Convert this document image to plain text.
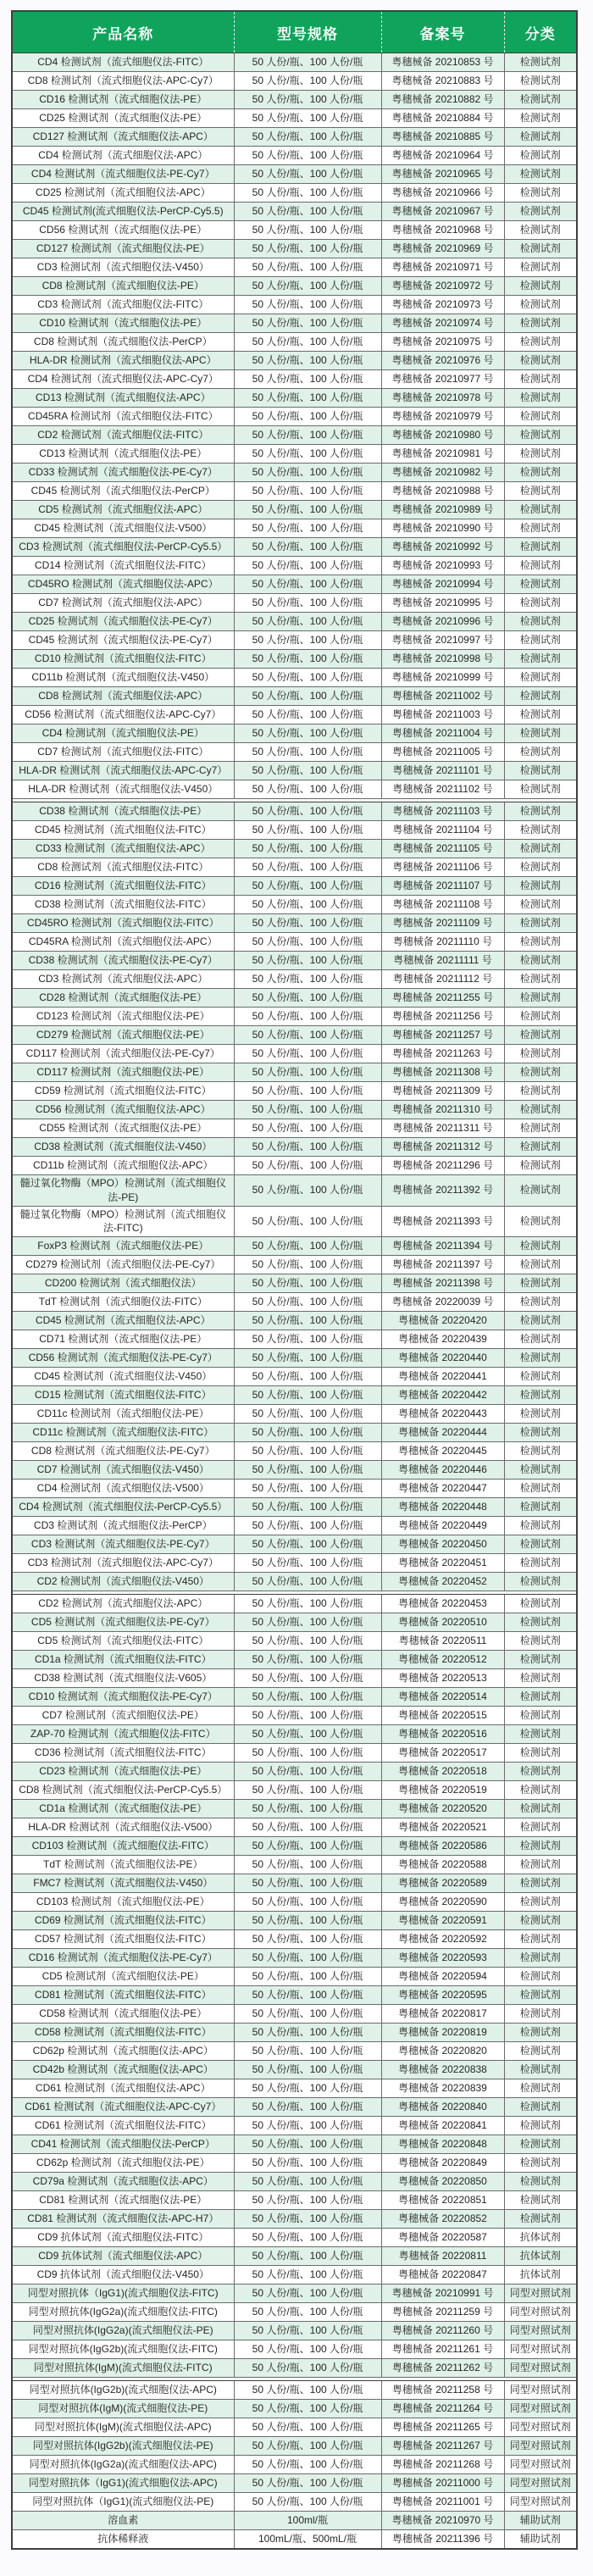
产品名称	型号规格	备案号	分类
CD4 检测试剂（流式细胞仪法-FITC）	50 人份/瓶、100 人份/瓶	粤穗械备 20210853 号	检测试剂
CD8 检测试剂（流式细胞仪法-APC-Cy7）	50 人份/瓶、100 人份/瓶	粤穗械备 20210883 号	检测试剂
CD16 检测试剂（流式细胞仪法-PE）	50 人份/瓶、100 人份/瓶	粤穗械备 20210882 号	检测试剂
CD25 检测试剂（流式细胞仪法-PE）	50 人份/瓶、100 人份/瓶	粤穗械备 20210884 号	检测试剂
CD127 检测试剂（流式细胞仪法-APC）	50 人份/瓶、100 人份/瓶	粤穗械备 20210885 号	检测试剂
CD4 检测试剂（流式细胞仪法-APC）	50 人份/瓶、100 人份/瓶	粤穗械备 20210964 号	检测试剂
CD4 检测试剂（流式细胞仪法-PE-Cy7）	50 人份/瓶、100 人份/瓶	粤穗械备 20210965 号	检测试剂
CD25 检测试剂（流式细胞仪法-APC）	50 人份/瓶、100 人份/瓶	粤穗械备 20210966 号	检测试剂
CD45 检测试剂(流式细胞仪法-PerCP-Cy5.5)	50 人份/瓶、100 人份/瓶	粤穗械备 20210967 号	检测试剂
CD56 检测试剂（流式细胞仪法-PE）	50 人份/瓶、100 人份/瓶	粤穗械备 20210968 号	检测试剂
CD127 检测试剂（流式细胞仪法-PE）	50 人份/瓶、100 人份/瓶	粤穗械备 20210969 号	检测试剂
CD3 检测试剂（流式细胞仪法-V450）	50 人份/瓶、100 人份/瓶	粤穗械备 20210971 号	检测试剂
CD8 检测试剂（流式细胞仪法-PE）	50 人份/瓶、100 人份/瓶	粤穗械备 20210972 号	检测试剂
CD3 检测试剂（流式细胞仪法-FITC）	50 人份/瓶、100 人份/瓶	粤穗械备 20210973 号	检测试剂
CD10 检测试剂（流式细胞仪法-PE）	50 人份/瓶、100 人份/瓶	粤穗械备 20210974 号	检测试剂
CD8 检测试剂（流式细胞仪法-PerCP）	50 人份/瓶、100 人份/瓶	粤穗械备 20210975 号	检测试剂
HLA-DR 检测试剂（流式细胞仪法-APC）	50 人份/瓶、100 人份/瓶	粤穗械备 20210976 号	检测试剂
CD4 检测试剂（流式细胞仪法-APC-Cy7）	50 人份/瓶、100 人份/瓶	粤穗械备 20210977 号	检测试剂
CD13 检测试剂（流式细胞仪法-APC）	50 人份/瓶、100 人份/瓶	粤穗械备 20210978 号	检测试剂
CD45RA 检测试剂（流式细胞仪法-FITC）	50 人份/瓶、100 人份/瓶	粤穗械备 20210979 号	检测试剂
CD2 检测试剂（流式细胞仪法-FITC）	50 人份/瓶、100 人份/瓶	粤穗械备 20210980 号	检测试剂
CD13 检测试剂（流式细胞仪法-PE）	50 人份/瓶、100 人份/瓶	粤穗械备 20210981 号	检测试剂
CD33 检测试剂（流式细胞仪法-PE-Cy7）	50 人份/瓶、100 人份/瓶	粤穗械备 20210982 号	检测试剂
CD45 检测试剂（流式细胞仪法-PerCP）	50 人份/瓶、100 人份/瓶	粤穗械备 20210988 号	检测试剂
CD5 检测试剂（流式细胞仪法-APC）	50 人份/瓶、100 人份/瓶	粤穗械备 20210989 号	检测试剂
CD45 检测试剂（流式细胞仪法-V500）	50 人份/瓶、100 人份/瓶	粤穗械备 20210990 号	检测试剂
CD3 检测试剂（流式细胞仪法-PerCP-Cy5.5）	50 人份/瓶、100 人份/瓶	粤穗械备 20210992 号	检测试剂
CD14 检测试剂（流式细胞仪法-FITC）	50 人份/瓶、100 人份/瓶	粤穗械备 20210993 号	检测试剂
CD45RO 检测试剂（流式细胞仪法-APC）	50 人份/瓶、100 人份/瓶	粤穗械备 20210994 号	检测试剂
CD7 检测试剂（流式细胞仪法-APC）	50 人份/瓶、100 人份/瓶	粤穗械备 20210995 号	检测试剂
CD25 检测试剂（流式细胞仪法-PE-Cy7）	50 人份/瓶、100 人份/瓶	粤穗械备 20210996 号	检测试剂
CD45 检测试剂（流式细胞仪法-PE-Cy7）	50 人份/瓶、100 人份/瓶	粤穗械备 20210997 号	检测试剂
CD10 检测试剂（流式细胞仪法-FITC）	50 人份/瓶、100 人份/瓶	粤穗械备 20210998 号	检测试剂
CD11b 检测试剂（流式细胞仪法-V450）	50 人份/瓶、100 人份/瓶	粤穗械备 20210999 号	检测试剂
CD8 检测试剂（流式细胞仪法-APC）	50 人份/瓶、100 人份/瓶	粤穗械备 20211002 号	检测试剂
CD56 检测试剂（流式细胞仪法-APC-Cy7）	50 人份/瓶、100 人份/瓶	粤穗械备 20211003 号	检测试剂
CD4 检测试剂（流式细胞仪法-PE）	50 人份/瓶、100 人份/瓶	粤穗械备 20211004 号	检测试剂
CD7 检测试剂（流式细胞仪法-FITC）	50 人份/瓶、100 人份/瓶	粤穗械备 20211005 号	检测试剂
HLA-DR 检测试剂（流式细胞仪法-APC-Cy7）	50 人份/瓶、100 人份/瓶	粤穗械备 20211101 号	检测试剂
HLA-DR 检测试剂（流式细胞仪法-V450）	50 人份/瓶、100 人份/瓶	粤穗械备 20211102 号	检测试剂

CD38 检测试剂（流式细胞仪法-PE）	50 人份/瓶、100 人份/瓶	粤穗械备 20211103 号	检测试剂
CD45 检测试剂（流式细胞仪法-FITC）	50 人份/瓶、100 人份/瓶	粤穗械备 20211104 号	检测试剂
CD33 检测试剂（流式细胞仪法-APC）	50 人份/瓶、100 人份/瓶	粤穗械备 20211105 号	检测试剂
CD8 检测试剂（流式细胞仪法-FITC）	50 人份/瓶、100 人份/瓶	粤穗械备 20211106 号	检测试剂
CD16 检测试剂（流式细胞仪法-FITC）	50 人份/瓶、100 人份/瓶	粤穗械备 20211107 号	检测试剂
CD38 检测试剂（流式细胞仪法-FITC）	50 人份/瓶、100 人份/瓶	粤穗械备 20211108 号	检测试剂
CD45RO 检测试剂（流式细胞仪法-FITC）	50 人份/瓶、100 人份/瓶	粤穗械备 20211109 号	检测试剂
CD45RA 检测试剂（流式细胞仪法-APC）	50 人份/瓶、100 人份/瓶	粤穗械备 20211110 号	检测试剂
CD38 检测试剂（流式细胞仪法-PE-Cy7）	50 人份/瓶、100 人份/瓶	粤穗械备 20211111 号	检测试剂
CD3 检测试剂（流式细胞仪法-APC）	50 人份/瓶、100 人份/瓶	粤穗械备 20211112 号	检测试剂
CD28 检测试剂（流式细胞仪法-PE）	50 人份/瓶、100 人份/瓶	粤穗械备 20211255 号	检测试剂
CD123 检测试剂（流式细胞仪法-PE）	50 人份/瓶、100 人份/瓶	粤穗械备 20211256 号	检测试剂
CD279 检测试剂（流式细胞仪法-PE）	50 人份/瓶、100 人份/瓶	粤穗械备 20211257 号	检测试剂
CD117 检测试剂（流式细胞仪法-PE-Cy7）	50 人份/瓶、100 人份/瓶	粤穗械备 20211263 号	检测试剂
CD117 检测试剂（流式细胞仪法-PE）	50 人份/瓶、100 人份/瓶	粤穗械备 20211308 号	检测试剂
CD59 检测试剂（流式细胞仪法-FITC）	50 人份/瓶、100 人份/瓶	粤穗械备 20211309 号	检测试剂
CD56 检测试剂（流式细胞仪法-APC）	50 人份/瓶、100 人份/瓶	粤穗械备 20211310 号	检测试剂
CD55 检测试剂（流式细胞仪法-PE）	50 人份/瓶、100 人份/瓶	粤穗械备 20211311 号	检测试剂
CD38 检测试剂（流式细胞仪法-V450）	50 人份/瓶、100 人份/瓶	粤穗械备 20211312 号	检测试剂
CD11b 检测试剂（流式细胞仪法-APC）	50 人份/瓶、100 人份/瓶	粤穗械备 20211296 号	检测试剂
髓过氧化物酶（MPO）检测试剂（流式细胞仪法-PE)	50 人份/瓶、100 人份/瓶	粤穗械备 20211392 号	检测试剂
髓过氧化物酶（MPO）检测试剂（流式细胞仪法-FITC)	50 人份/瓶、100 人份/瓶	粤穗械备 20211393 号	检测试剂
FoxP3 检测试剂（流式细胞仪法-PE）	50 人份/瓶、100 人份/瓶	粤穗械备 20211394 号	检测试剂
CD279 检测试剂（流式细胞仪法-PE-Cy7）	50 人份/瓶、100 人份/瓶	粤穗械备 20211397 号	检测试剂
CD200 检测试剂（流式细胞仪法）	50 人份/瓶、100 人份/瓶	粤穗械备 20211398 号	检测试剂
TdT 检测试剂（流式细胞仪法-FITC）	50 人份/瓶、100 人份/瓶	粤穗械备 20220039 号	检测试剂
CD45 检测试剂（流式细胞仪法-APC）	50 人份/瓶、100 人份/瓶	粤穗械备 20220420	检测试剂
CD71 检测试剂（流式细胞仪法-PE）	50 人份/瓶、100 人份/瓶	粤穗械备 20220439	检测试剂
CD56 检测试剂（流式细胞仪法-PE-Cy7）	50 人份/瓶、100 人份/瓶	粤穗械备 20220440	检测试剂
CD45 检测试剂（流式细胞仪法-V450）	50 人份/瓶、100 人份/瓶	粤穗械备 20220441	检测试剂
CD15 检测试剂（流式细胞仪法-FITC）	50 人份/瓶、100 人份/瓶	粤穗械备 20220442	检测试剂
CD11c 检测试剂（流式细胞仪法-PE）	50 人份/瓶、100 人份/瓶	粤穗械备 20220443	检测试剂
CD11c 检测试剂（流式细胞仪法-FITC）	50 人份/瓶、100 人份/瓶	粤穗械备 20220444	检测试剂
CD8 检测试剂（流式细胞仪法-PE-Cy7）	50 人份/瓶、100 人份/瓶	粤穗械备 20220445	检测试剂
CD7 检测试剂（流式细胞仪法-V450）	50 人份/瓶、100 人份/瓶	粤穗械备 20220446	检测试剂
CD4 检测试剂（流式细胞仪法-V500）	50 人份/瓶、100 人份/瓶	粤穗械备 20220447	检测试剂
CD4 检测试剂（流式细胞仪法-PerCP-Cy5.5）	50 人份/瓶、100 人份/瓶	粤穗械备 20220448	检测试剂
CD3 检测试剂（流式细胞仪法-PerCP）	50 人份/瓶、100 人份/瓶	粤穗械备 20220449	检测试剂
CD3 检测试剂（流式细胞仪法-PE-Cy7）	50 人份/瓶、100 人份/瓶	粤穗械备 20220450	检测试剂
CD3 检测试剂（流式细胞仪法-APC-Cy7）	50 人份/瓶、100 人份/瓶	粤穗械备 20220451	检测试剂
CD2 检测试剂（流式细胞仪法-V450）	50 人份/瓶、100 人份/瓶	粤穗械备 20220452	检测试剂

CD2 检测试剂（流式细胞仪法-APC）	50 人份/瓶、100 人份/瓶	粤穗械备 20220453	检测试剂
CD5 检测试剂（流式细胞仪法-PE-Cy7）	50 人份/瓶、100 人份/瓶	粤穗械备 20220510	检测试剂
CD5 检测试剂（流式细胞仪法-FITC）	50 人份/瓶、100 人份/瓶	粤穗械备 20220511	检测试剂
CD1a 检测试剂（流式细胞仪法-FITC）	50 人份/瓶、100 人份/瓶	粤穗械备 20220512	检测试剂
CD38 检测试剂（流式细胞仪法-V605）	50 人份/瓶、100 人份/瓶	粤穗械备 20220513	检测试剂
CD10 检测试剂（流式细胞仪法-PE-Cy7）	50 人份/瓶、100 人份/瓶	粤穗械备 20220514	检测试剂
CD7 检测试剂（流式细胞仪法-PE）	50 人份/瓶、100 人份/瓶	粤穗械备 20220515	检测试剂
ZAP-70 检测试剂（流式细胞仪法-FITC）	50 人份/瓶、100 人份/瓶	粤穗械备 20220516	检测试剂
CD36 检测试剂（流式细胞仪法-FITC）	50 人份/瓶、100 人份/瓶	粤穗械备 20220517	检测试剂
CD23 检测试剂（流式细胞仪法-PE）	50 人份/瓶、100 人份/瓶	粤穗械备 20220518	检测试剂
CD8 检测试剂（流式细胞仪法-PerCP-Cy5.5）	50 人份/瓶、100 人份/瓶	粤穗械备 20220519	检测试剂
CD1a 检测试剂（流式细胞仪法-PE）	50 人份/瓶、100 人份/瓶	粤穗械备 20220520	检测试剂
HLA-DR 检测试剂（流式细胞仪法-V500）	50 人份/瓶、100 人份/瓶	粤穗械备 20220521	检测试剂
CD103 检测试剂（流式细胞仪法-FITC）	50 人份/瓶、100 人份/瓶	粤穗械备 20220586	检测试剂
TdT 检测试剂（流式细胞仪法-PE）	50 人份/瓶、100 人份/瓶	粤穗械备 20220588	检测试剂
FMC7 检测试剂（流式细胞仪法-V450）	50 人份/瓶、100 人份/瓶	粤穗械备 20220589	检测试剂
CD103 检测试剂（流式细胞仪法-PE）	50 人份/瓶、100 人份/瓶	粤穗械备 20220590	检测试剂
CD69 检测试剂（流式细胞仪法-FITC）	50 人份/瓶、100 人份/瓶	粤穗械备 20220591	检测试剂
CD57 检测试剂（流式细胞仪法-FITC）	50 人份/瓶、100 人份/瓶	粤穗械备 20220592	检测试剂
CD16 检测试剂（流式细胞仪法-PE-Cy7）	50 人份/瓶、100 人份/瓶	粤穗械备 20220593	检测试剂
CD5 检测试剂（流式细胞仪法-PE）	50 人份/瓶、100 人份/瓶	粤穗械备 20220594	检测试剂
CD81 检测试剂（流式细胞仪法-FITC）	50 人份/瓶、100 人份/瓶	粤穗械备 20220595	检测试剂
CD58 检测试剂（流式细胞仪法-PE）	50 人份/瓶、100 人份/瓶	粤穗械备 20220817	检测试剂
CD58 检测试剂（流式细胞仪法-FITC）	50 人份/瓶、100 人份/瓶	粤穗械备 20220819	检测试剂
CD62p 检测试剂（流式细胞仪法-APC）	50 人份/瓶、100 人份/瓶	粤穗械备 20220820	检测试剂
CD42b 检测试剂（流式细胞仪法-APC）	50 人份/瓶、100 人份/瓶	粤穗械备 20220838	检测试剂
CD61 检测试剂（流式细胞仪法-APC）	50 人份/瓶、100 人份/瓶	粤穗械备 20220839	检测试剂
CD61 检测试剂（流式细胞仪法-APC-Cy7）	50 人份/瓶、100 人份/瓶	粤穗械备 20220840	检测试剂
CD61 检测试剂（流式细胞仪法-FITC）	50 人份/瓶、100 人份/瓶	粤穗械备 20220841	检测试剂
CD41 检测试剂（流式细胞仪法-PerCP）	50 人份/瓶、100 人份/瓶	粤穗械备 20220848	检测试剂
CD62p 检测试剂（流式细胞仪法-PE）	50 人份/瓶、100 人份/瓶	粤穗械备 20220849	检测试剂
CD79a 检测试剂（流式细胞仪法-APC）	50 人份/瓶、100 人份/瓶	粤穗械备 20220850	检测试剂
CD81 检测试剂（流式细胞仪法-PE）	50 人份/瓶、100 人份/瓶	粤穗械备 20220851	检测试剂
CD81 检测试剂（流式细胞仪法-APC-H7）	50 人份/瓶、100 人份/瓶	粤穗械备 20220852	检测试剂
CD9 抗体试剂（流式细胞仪法-FITC）	50 人份/瓶、100 人份/瓶	粤穗械备 20220587	抗体试剂
CD9 抗体试剂（流式细胞仪法-APC）	50 人份/瓶、100 人份/瓶	粤穗械备 20220811	抗体试剂
CD9 抗体试剂（流式细胞仪法-V450）	50 人份/瓶、100 人份/瓶	粤穗械备 20220847	抗体试剂
同型对照抗体（IgG1)(流式细胞仪法-FITC)	50 人份/瓶、100 人份/瓶	粤穗械备 20210991 号	同型对照试剂
同型对照抗体(IgG2a)(流式细胞仪法-FITC)	50 人份/瓶、100 人份/瓶	粤穗械备 20211259 号	同型对照试剂
同型对照抗体(IgG2a)(流式细胞仪法-PE)	50 人份/瓶、100 人份/瓶	粤穗械备 20211260 号	同型对照试剂
同型对照抗体(IgG2b)(流式细胞仪法-FITC)	50 人份/瓶、100 人份/瓶	粤穗械备 20211261 号	同型对照试剂
同型对照抗体(IgM)(流式细胞仪法-FITC)	50 人份/瓶、100 人份/瓶	粤穗械备 20211262 号	同型对照试剂

同型对照抗体(IgG2b)(流式细胞仪法-APC)	50 人份/瓶、100 人份/瓶	粤穗械备 20211258 号	同型对照试剂
同型对照抗体(IgM)(流式细胞仪法-PE)	50 人份/瓶、100 人份/瓶	粤穗械备 20211264 号	同型对照试剂
同型对照抗体(IgM)(流式细胞仪法-APC)	50 人份/瓶、100 人份/瓶	粤穗械备 20211265 号	同型对照试剂
同型对照抗体(IgG2b)(流式细胞仪法-PE)	50 人份/瓶、100 人份/瓶	粤穗械备 20211267 号	同型对照试剂
同型对照抗体(IgG2a)(流式细胞仪法-APC)	50 人份/瓶、100 人份/瓶	粤穗械备 20211268 号	同型对照试剂
同型对照抗体（IgG1)(流式细胞仪法-APC)	50 人份/瓶、100 人份/瓶	粤穗械备 20211000 号	同型对照试剂
同型对照抗体（IgG1)(流式细胞仪法-PE)	50 人份/瓶、100 人份/瓶	粤穗械备 20211001 号	同型对照试剂
溶血素	100ml/瓶	粤穗械备 20210970 号	辅助试剂
抗体稀释液	100mL/瓶、500mL/瓶	粤穗械备 20211396 号	辅助试剂
